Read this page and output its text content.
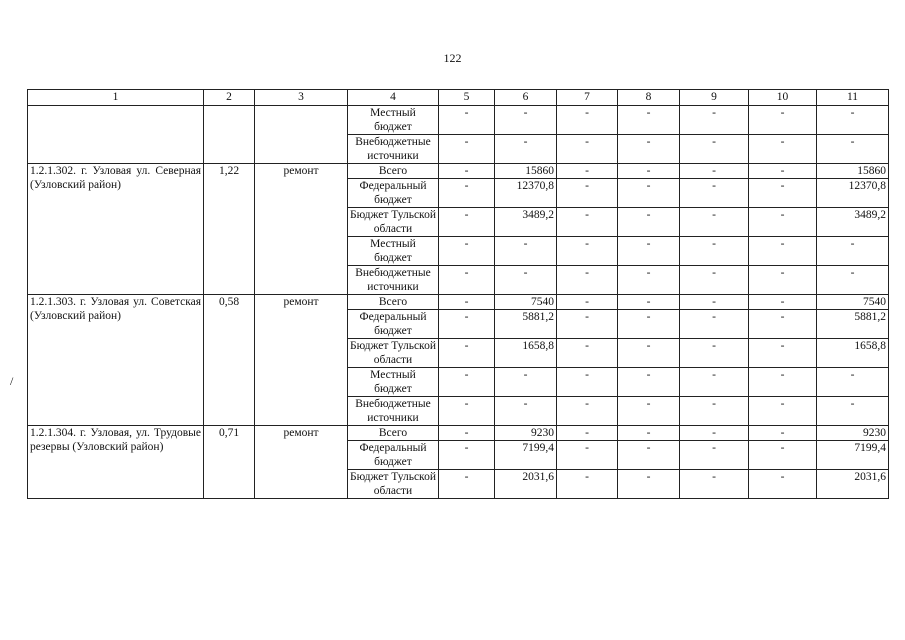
122
/
1	2	3	4	5	6	7	8	9	10	11
			Местный бюджет	-	-	-	-	-	-	-
			Внебюджетные источники	-	-	-	-	-	-	-
1.2.1.302. г. Узловая ул. Северная (Узловский район)	1,22	ремонт	Всего	-	15860	-	-	-	-	15860
			Федеральный бюджет	-	12370,8	-	-	-	-	12370,8
			Бюджет Тульской области	-	3489,2	-	-	-	-	3489,2
			Местный бюджет	-	-	-	-	-	-	-
			Внебюджетные источники	-	-	-	-	-	-	-
1.2.1.303. г. Узловая ул. Советская (Узловский район)	0,58	ремонт	Всего	-	7540	-	-	-	-	7540
			Федеральный бюджет	-	5881,2	-	-	-	-	5881,2
			Бюджет Тульской области	-	1658,8	-	-	-	-	1658,8
			Местный бюджет	-	-	-	-	-	-	-
			Внебюджетные источники	-	-	-	-	-	-	-
1.2.1.304. г. Узловая, ул. Трудовые резервы (Узловский район)	0,71	ремонт	Всего	-	9230	-	-	-	-	9230
			Федеральный бюджет	-	7199,4	-	-	-	-	7199,4
			Бюджет Тульской области	-	2031,6	-	-	-	-	2031,6
